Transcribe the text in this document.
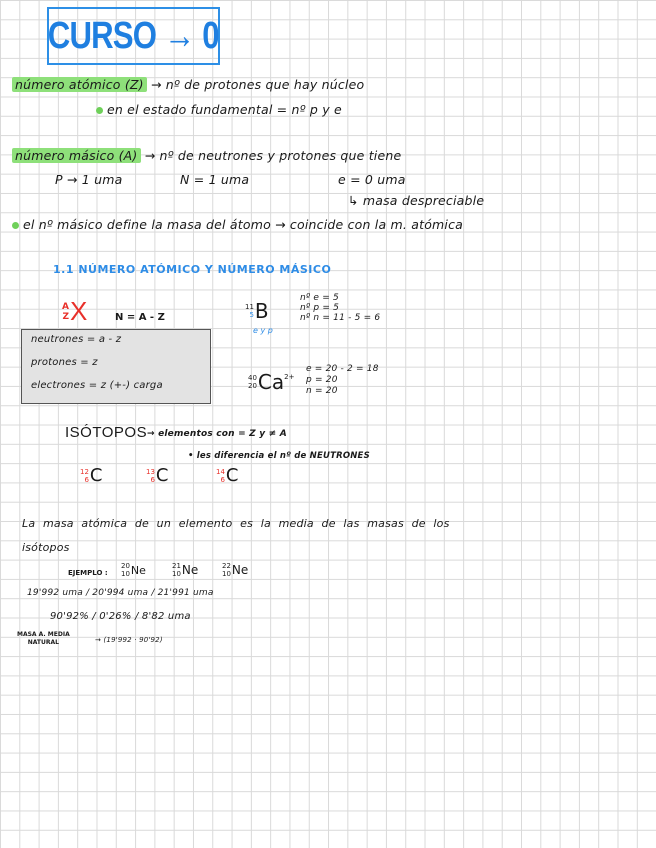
CURSO → 0
número atómico (Z) → nº de protones que hay núcleo
en el estado fundamental = nº p y e
número másico (A) → nº de neutrones y protones que tiene
P → 1 uma	N = 1 uma	e = 0 uma
↳ masa despreciable
el nº másico define la masa del átomo → coincide con la m. atómica
1.1 NÚMERO ATÓMICO Y NÚMERO MÁSICO
A
Z X	N = A - Z
neutrones = a - z
protones = z
electrones = z (+-) carga
11
5 B
e y p
nº e = 5
nº p = 5
nº n = 11 - 5 = 6
40
20 Ca 2+
e = 20 - 2 = 18
p = 20
n = 20
ISÓTOPOS → elementos con = Z y ≠ A
• les diferencia el nº de NEUTRONES
12
6 C	13
6 C	14
6 C
La masa atómica de un elemento es la media de las masas de los
isótopos
EJEMPLO :
20
10 Ne	21
10 Ne	22
10 Ne
19'992 uma / 20'994 uma / 21'991 uma
90'92% / 0'26% / 8'82 uma
MASA A. MEDIA
NATURAL	→ (19'992 · 90'92)
